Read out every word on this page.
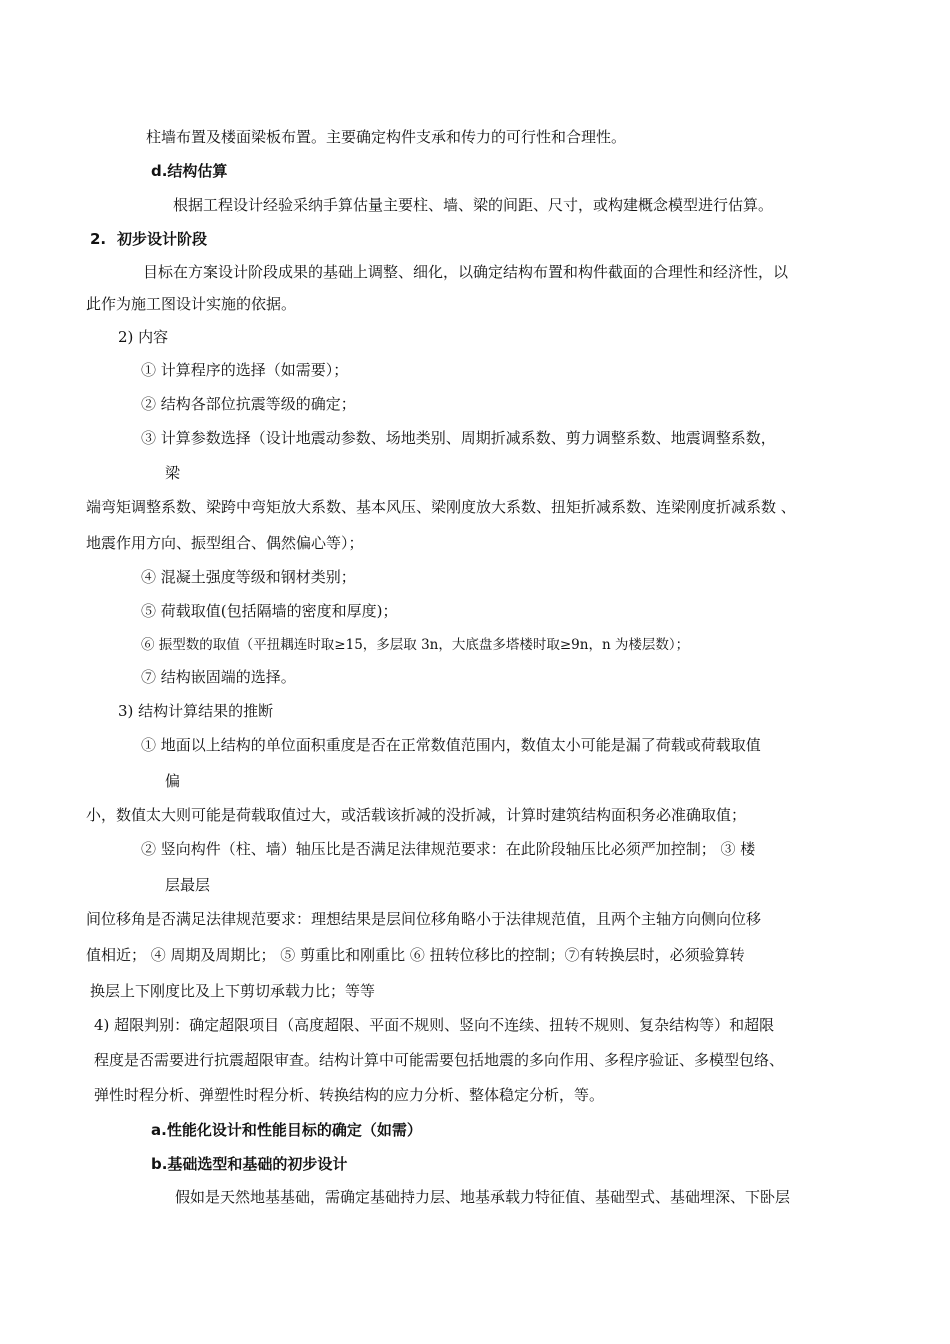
柱墙布置及楼面梁板布置。主要确定构件支承和传力的可行性和合理性。
d.结构估算
根据工程设计经验采纳手算估量主要柱、墙、梁的间距、尺寸，或构建概念模型进行估算。
2. 初步设计阶段
目标在方案设计阶段成果的基础上调整、细化，以确定结构布置和构件截面的合理性和经济性，以
此作为施工图设计实施的依据。
2) 内容
① 计算程序的选择（如需要）；
② 结构各部位抗震等级的确定；
③ 计算参数选择（设计地震动参数、场地类别、周期折减系数、剪力调整系数、地震调整系数，
梁
端弯矩调整系数、梁跨中弯矩放大系数、基本风压、梁刚度放大系数、扭矩折减系数、连梁刚度折减系数 、
地震作用方向、振型组合、偶然偏心等）；
④ 混凝土强度等级和钢材类别；
⑤ 荷载取值(包括隔墙的密度和厚度)；
⑥ 振型数的取值（平扭耦连时取≥15，多层取 3n，大底盘多塔楼时取≥9n，n 为楼层数）；
⑦ 结构嵌固端的选择。
3) 结构计算结果的推断
① 地面以上结构的单位面积重度是否在正常数值范围内，数值太小可能是漏了荷载或荷载取值
偏
小，数值太大则可能是荷载取值过大，或活载该折减的没折减，计算时建筑结构面积务必准确取值；
② 竖向构件（柱、墙）轴压比是否满足法律规范要求：在此阶段轴压比必须严加控制； ③ 楼
层最层
间位移角是否满足法律规范要求：理想结果是层间位移角略小于法律规范值，且两个主轴方向侧向位移
值相近； ④ 周期及周期比； ⑤ 剪重比和刚重比 ⑥ 扭转位移比的控制；⑦有转换层时，必须验算转
换层上下刚度比及上下剪切承载力比；等等
4) 超限判别：确定超限项目（高度超限、平面不规则、竖向不连续、扭转不规则、复杂结构等）和超限
程度是否需要进行抗震超限审查。结构计算中可能需要包括地震的多向作用、多程序验证、多模型包络、
弹性时程分析、弹塑性时程分析、转换结构的应力分析、整体稳定分析，等。
a.性能化设计和性能目标的确定（如需）
b.基础选型和基础的初步设计
假如是天然地基基础，需确定基础持力层、地基承载力特征值、基础型式、基础埋深、下卧层
